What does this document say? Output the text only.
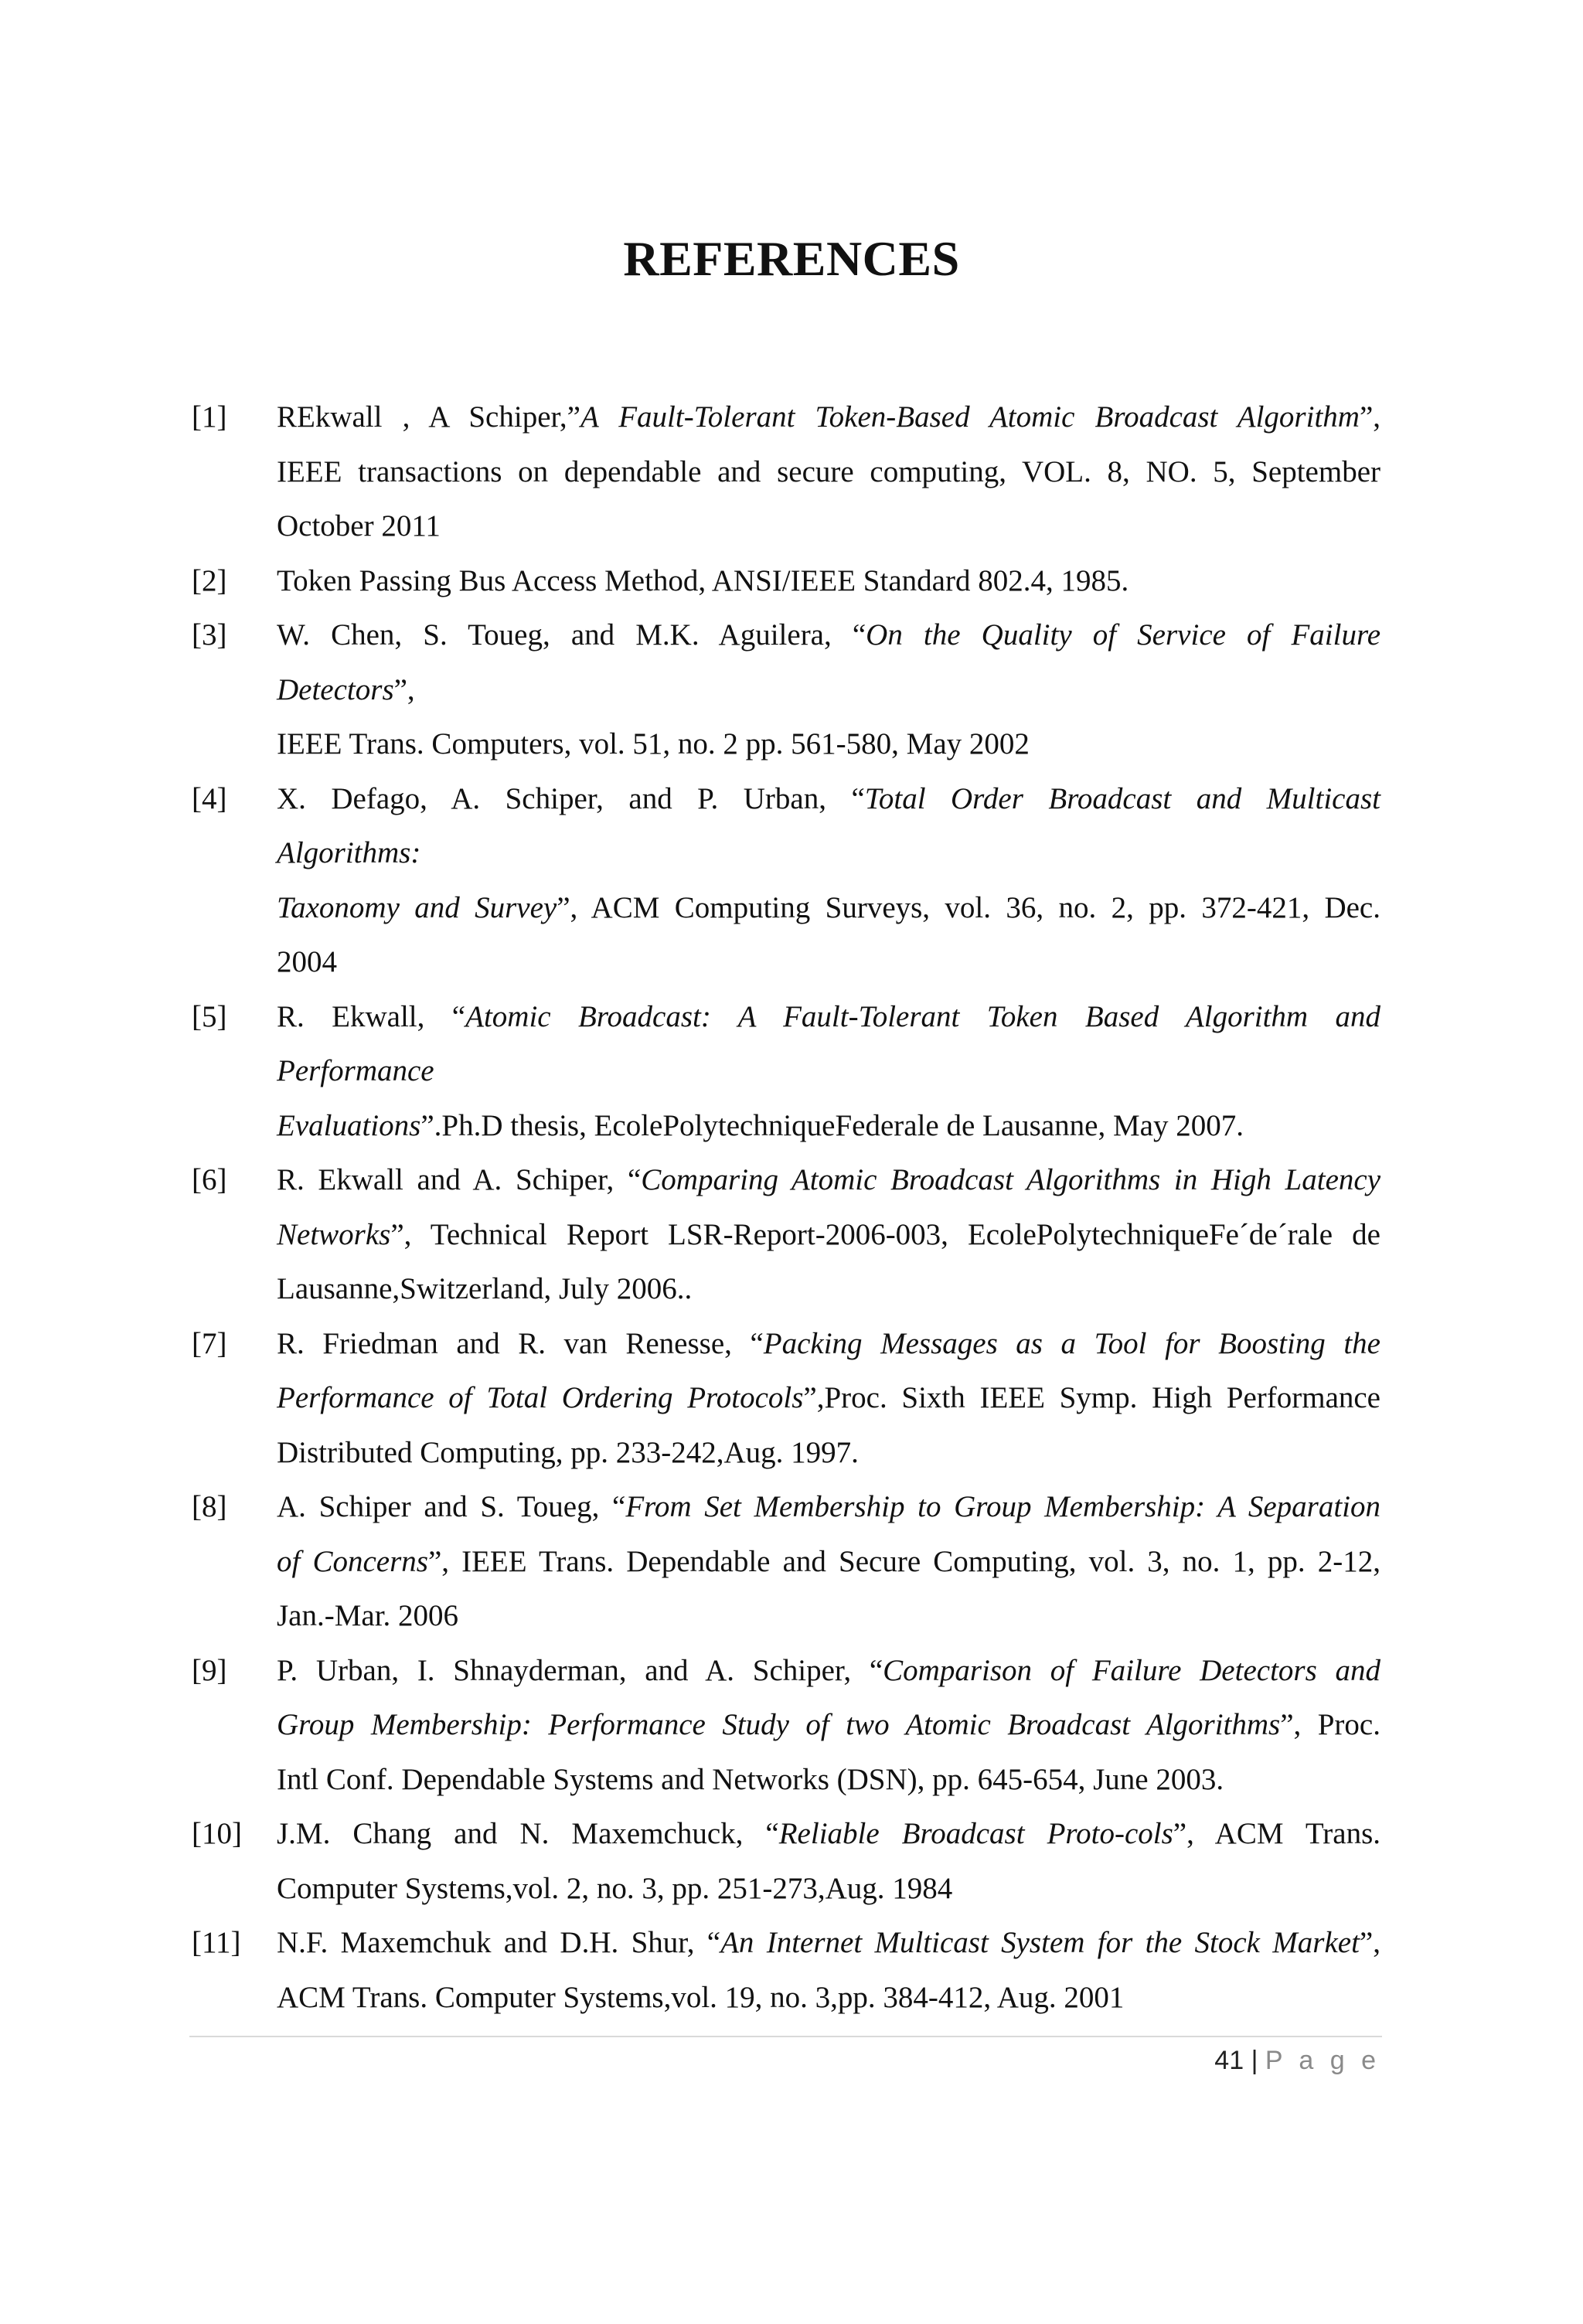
REFERENCES
[1] REkwall , A Schiper,”A Fault-Tolerant Token-Based Atomic Broadcast Algorithm”,
IEEE transactions on dependable and secure computing, VOL. 8, NO. 5, September
October 2011
[2] Token Passing Bus Access Method, ANSI/IEEE Standard 802.4, 1985.
[3] W. Chen, S. Toueg, and M.K. Aguilera, “On the Quality of Service of Failure
Detectors”,
IEEE Trans. Computers, vol. 51, no. 2 pp. 561-580, May 2002
[4] X. Defago, A. Schiper, and P. Urban, “Total Order Broadcast and Multicast
Algorithms:
Taxonomy and Survey”, ACM Computing Surveys, vol. 36, no. 2, pp. 372-421, Dec.
2004
[5] R. Ekwall, “Atomic Broadcast: A Fault-Tolerant Token Based Algorithm and
Performance
Evaluations”.Ph.D thesis, EcolePolytechniqueFederale de Lausanne, May 2007.
[6] R. Ekwall and A. Schiper, “Comparing Atomic Broadcast Algorithms in High Latency
Networks”, Technical Report LSR-Report-2006-003, EcolePolytechniqueFe´de´rale de
Lausanne,Switzerland, July 2006..
[7] R. Friedman and R. van Renesse, “Packing Messages as a Tool for Boosting the
Performance of Total Ordering Protocols”,Proc. Sixth IEEE Symp. High Performance
Distributed Computing, pp. 233-242,Aug. 1997.
[8] A. Schiper and S. Toueg, “From Set Membership to Group Membership: A Separation
of Concerns”, IEEE Trans. Dependable and Secure Computing, vol. 3, no. 1, pp. 2-12,
Jan.-Mar. 2006
[9] P. Urban, I. Shnayderman, and A. Schiper, “Comparison of Failure Detectors and
Group Membership: Performance Study of two Atomic Broadcast Algorithms”, Proc.
Intl Conf. Dependable Systems and Networks (DSN), pp. 645-654, June 2003.
[10] J.M. Chang and N. Maxemchuck, “Reliable Broadcast Proto-cols”, ACM Trans.
Computer Systems,vol. 2, no. 3, pp. 251-273,Aug. 1984
[11] N.F. Maxemchuk and D.H. Shur, “An Internet Multicast System for the Stock Market”,
ACM Trans. Computer Systems,vol. 19, no. 3,pp. 384-412, Aug. 2001
41 | P a g e
